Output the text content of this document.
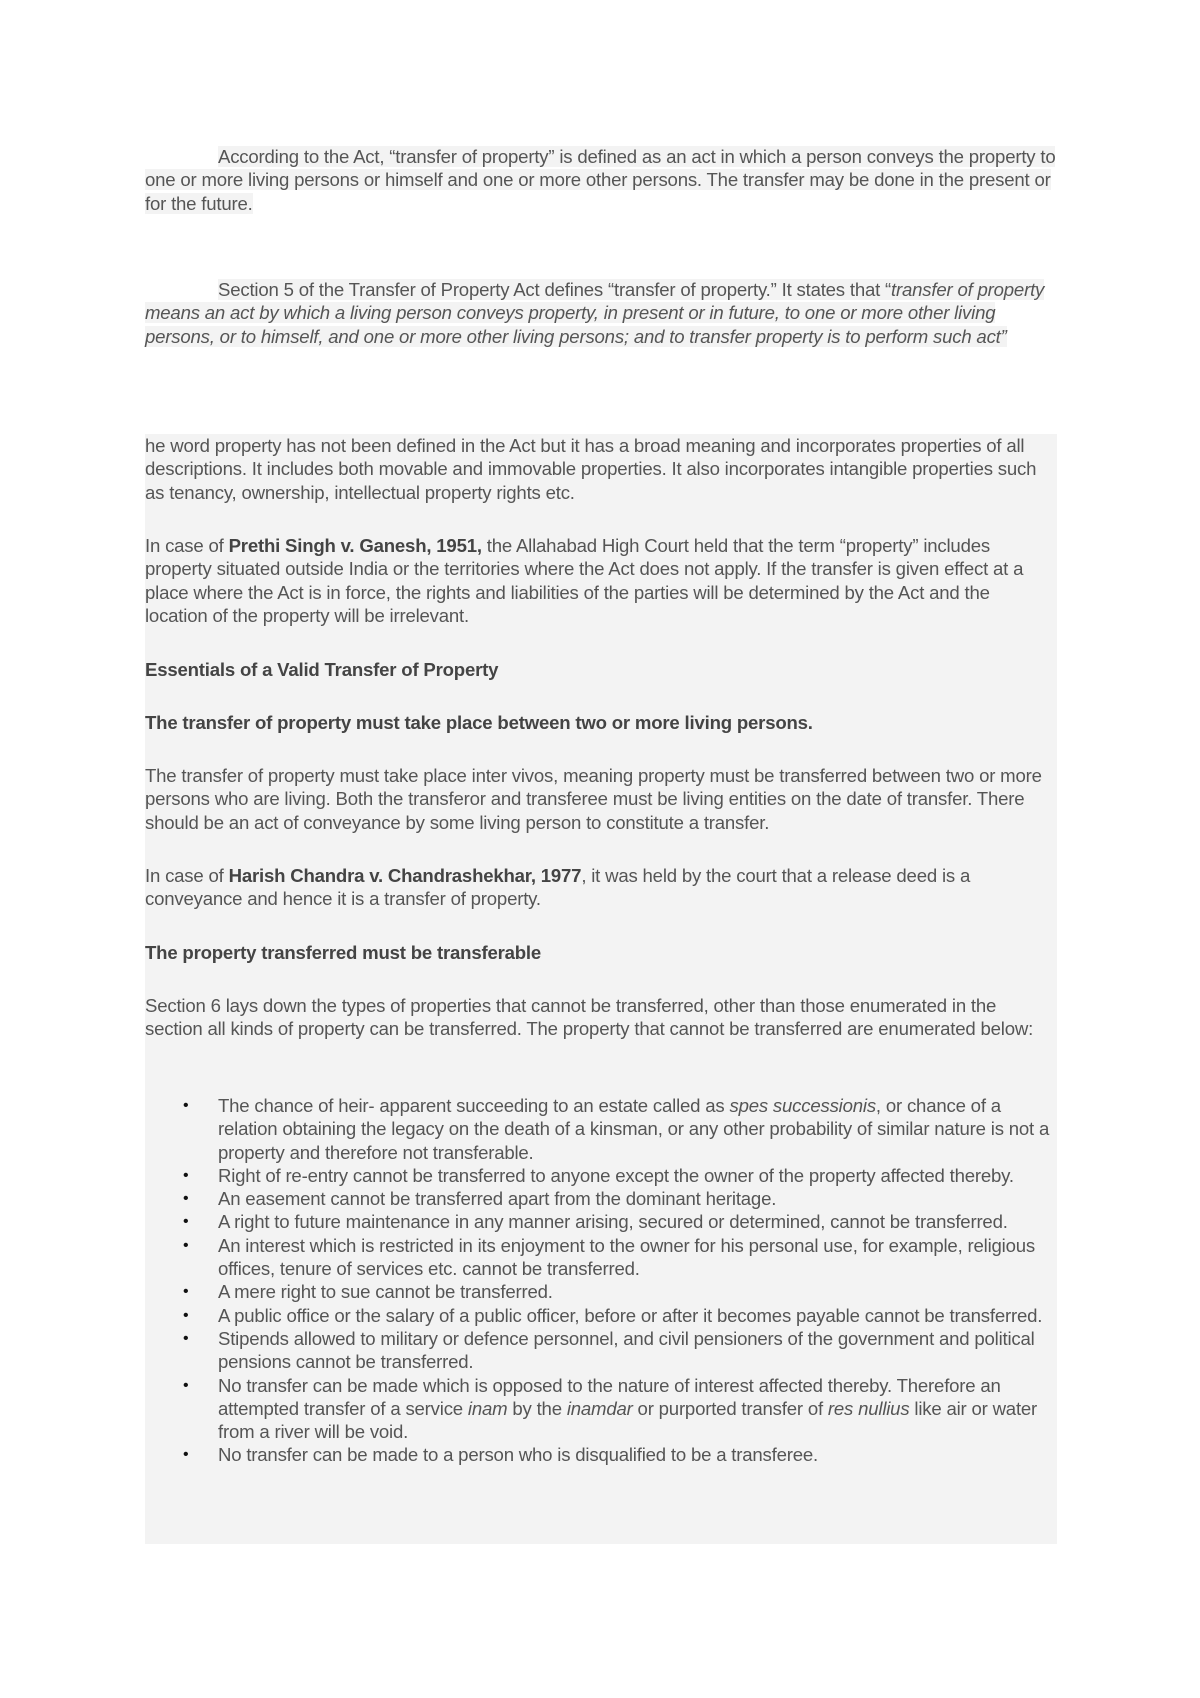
According to the Act, “transfer of property” is defined as an act in which a person conveys the property to one or more living persons or himself and one or more other persons. The transfer may be done in the present or for the future.
Section 5 of the Transfer of Property Act defines “transfer of property.” It states that “transfer of property means an act by which a living person conveys property, in present or in future, to one or more other living persons, or to himself, and one or more other living persons; and to transfer property is to perform such act”
he word property has not been defined in the Act but it has a broad meaning and incorporates properties of all descriptions. It includes both movable and immovable properties. It also incorporates intangible properties such as tenancy, ownership, intellectual property rights etc.
In case of Prethi Singh v. Ganesh, 1951, the Allahabad High Court held that the term “property” includes property situated outside India or the territories where the Act does not apply. If the transfer is given effect at a place where the Act is in force, the rights and liabilities of the parties will be determined by the Act and the location of the property will be irrelevant.
Essentials of a Valid Transfer of Property
The transfer of property must take place between two or more living persons.
The transfer of property must take place inter vivos, meaning property must be transferred between two or more persons who are living. Both the transferor and transferee must be living entities on the date of transfer. There should be an act of conveyance by some living person to constitute a transfer.
In case of Harish Chandra v. Chandrashekhar, 1977, it was held by the court that a release deed is a conveyance and hence it is a transfer of property.
The property transferred must be transferable
Section 6 lays down the types of properties that cannot be transferred, other than those enumerated in the section all kinds of property can be transferred. The property that cannot be transferred are enumerated below:
• The chance of heir- apparent succeeding to an estate called as spes successionis, or chance of a relation obtaining the legacy on the death of a kinsman, or any other probability of similar nature is not a property and therefore not transferable.
• Right of re-entry cannot be transferred to anyone except the owner of the property affected thereby.
• An easement cannot be transferred apart from the dominant heritage.
• A right to future maintenance in any manner arising, secured or determined, cannot be transferred.
• An interest which is restricted in its enjoyment to the owner for his personal use, for example, religious offices, tenure of services etc. cannot be transferred.
• A mere right to sue cannot be transferred.
• A public office or the salary of a public officer, before or after it becomes payable cannot be transferred.
• Stipends allowed to military or defence personnel, and civil pensioners of the government and political pensions cannot be transferred.
• No transfer can be made which is opposed to the nature of interest affected thereby. Therefore an attempted transfer of a service inam by the inamdar or purported transfer of res nullius like air or water from a river will be void.
• No transfer can be made to a person who is disqualified to be a transferee.
